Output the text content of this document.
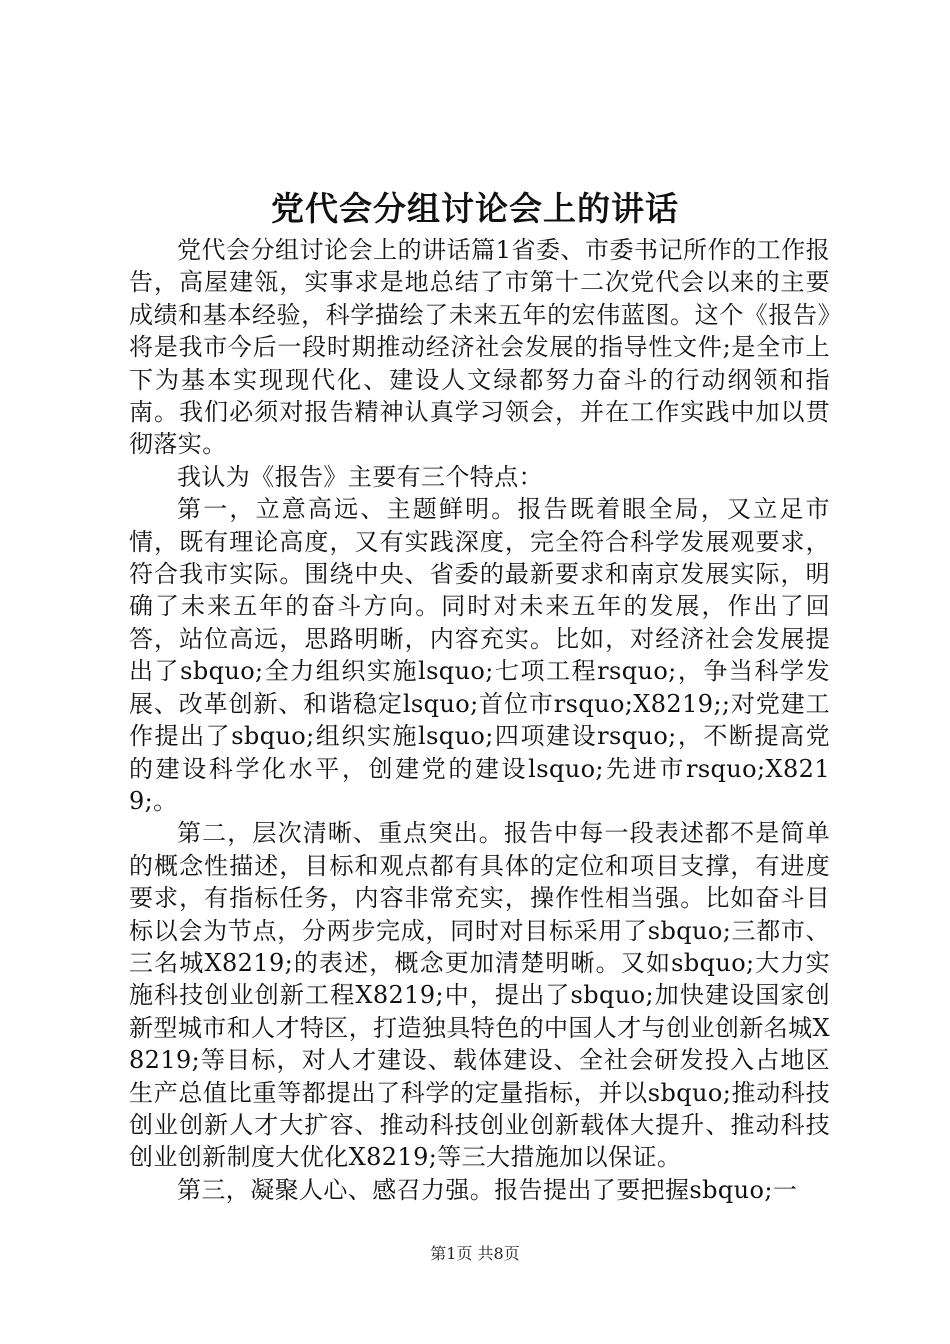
党代会分组讨论会上的讲话

党代会分组讨论会上的讲话篇1省委、市委书记所作的工作报告，高屋建瓴，实事求是地总结了市第十二次党代会以来的主要成绩和基本经验，科学描绘了未来五年的宏伟蓝图。这个《报告》将是我市今后一段时期推动经济社会发展的指导性文件;是全市上下为基本实现现代化、建设人文绿都努力奋斗的行动纲领和指南。我们必须对报告精神认真学习领会，并在工作实践中加以贯彻落实。

我认为《报告》主要有三个特点：

第一，立意高远、主题鲜明。报告既着眼全局，又立足市情，既有理论高度，又有实践深度，完全符合科学发展观要求，符合我市实际。围绕中央、省委的最新要求和南京发展实际，明确了未来五年的奋斗方向。同时对未来五年的发展，作出了回答，站位高远，思路明晰，内容充实。比如，对经济社会发展提出了sbquo;全力组织实施lsquo;七项工程rsquo;，争当科学发展、改革创新、和谐稳定lsquo;首位市rsquo;X8219;;对党建工作提出了sbquo;组织实施lsquo;四项建设rsquo;，不断提高党的建设科学化水平，创建党的建设lsquo;先进市rsquo;X8219;。

第二，层次清晰、重点突出。报告中每一段表述都不是简单的概念性描述，目标和观点都有具体的定位和项目支撑，有进度要求，有指标任务，内容非常充实，操作性相当强。比如奋斗目标以会为节点，分两步完成，同时对目标采用了sbquo;三都市、三名城X8219;的表述，概念更加清楚明晰。又如sbquo;大力实施科技创业创新工程X8219;中，提出了sbquo;加快建设国家创新型城市和人才特区，打造独具特色的中国人才与创业创新名城X8219;等目标，对人才建设、载体建设、全社会研发投入占地区生产总值比重等都提出了科学的定量指标，并以sbquo;推动科技创业创新人才大扩容、推动科技创业创新载体大提升、推动科技创业创新制度大优化X8219;等三大措施加以保证。

第三，凝聚人心、感召力强。报告提出了要把握sbquo;一

第1页 共8页
